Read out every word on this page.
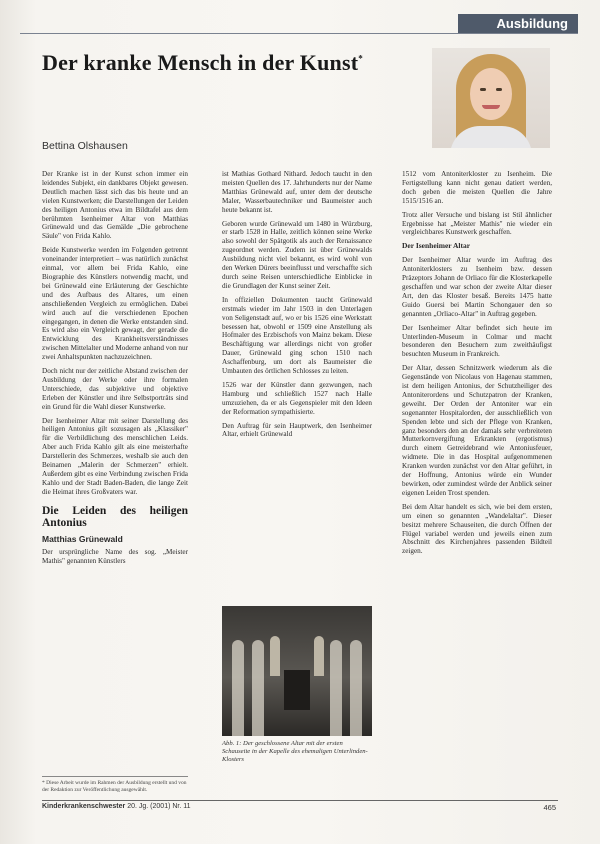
Ausbildung
Der kranke Mensch in der Kunst*
Bettina Olshausen

Der Kranke ist in der Kunst schon immer ein leidendes Subjekt, ein dankbares Objekt gewesen. Deutlich machen lässt sich das bis heute und an vielen Kunstwerken; die Darstellungen der Leiden des heiligen Antonius etwa im Bildtafel aus dem berühmten Isenheimer Altar von Matthias Grünewald und das Gemälde „Die gebrochene Säule" von Frida Kahlo.

Beide Kunstwerke werden im Folgenden getrennt voneinander interpretiert – was natürlich zunächst einmal, vor allem bei Frida Kahlo, eine Biographie des Künstlers notwendig macht, und bei Grünewald eine Erläuterung der Geschichte und des Aufbaus des Altares, um einen anschließenden Vergleich zu ermöglichen. Dabei wird auch auf die verschiedenen Epochen eingegangen, in denen die Werke entstanden sind. Es wird also ein Vergleich gewagt, der gerade die Entwicklung des Krankheitsverständnisses zwischen Mittelalter und Moderne anhand von nur zwei Anhaltspunkten nachzuzeichnen.

Doch nicht nur der zeitliche Abstand zwischen der Ausbildung der Werke oder ihre formalen Unterschiede, das subjektive und objektive Erleben der Künstler und ihre Selbstporträts sind ein Grund für die Wahl dieser Kunstwerke.

Der Isenheimer Altar mit seiner Darstellung des heiligen Antonius gilt sozusagen als „Klassiker" für die Verbildlichung des menschlichen Leids. Aber auch Frida Kahlo gilt als eine meisterhafte Darstellerin des Schmerzes, weshalb sie auch den Beinamen „Malerin der Schmerzen" erhielt. Außerdem gibt es eine Verbindung zwischen Frida Kahlo und der Stadt Baden-Baden, die lange Zeit die Heimat ihres Großvaters war.

Die Leiden des heiligen Antonius
Matthias Grünewald

Der ursprüngliche Name des sog. „Meister Mathis" genannten Künstlers

* Diese Arbeit wurde im Rahmen der Ausbildung erstellt und von der Redaktion zur Veröffentlichung ausgewählt.

ist Mathias Gothard Nithard. Jedoch taucht in den meisten Quellen des 17. Jahrhunderts nur der Name Matthias Grünewald auf, unter dem der deutsche Maler, Wasserbautechniker und Baumeister auch heute bekannt ist.

Geboren wurde Grünewald um 1480 in Würzburg, er starb 1528 in Halle, zeitlich können seine Werke also sowohl der Spätgotik als auch der Renaissance zugeordnet werden. Zudem ist über Grünewalds Ausbildung nicht viel bekannt, es wird wohl von den Werken Dürers beeinflusst und verschaffte sich durch seine Reisen unterschiedliche Einblicke in die Grundlagen der Kunst seiner Zeit.

In offiziellen Dokumenten taucht Grünewald erstmals wieder im Jahr 1503 in den Unterlagen von Seligenstadt auf, wo er bis 1526 eine Werkstatt besessen hat, obwohl er 1509 eine Anstellung als Hofmaler des Erzbischofs von Mainz bekam. Diese Beschäftigung war allerdings nicht von großer Dauer, Grünewald ging schon 1510 nach Aschaffenburg, um dort als Baumeister die Umbauten des örtlichen Schlosses zu leiten.

1526 war der Künstler dann gezwungen, nach Hamburg und schließlich 1527 nach Halle umzuziehen, da er als Gegenspieler mit den Ideen der Reformation sympathisierte.

Den Auftrag für sein Hauptwerk, den Isenheimer Altar, erhielt Grünewald

Abb. 1: Der geschlossene Altar mit der ersten Schauseite in der Kapelle des ehemaligen Unterlinden-Klosters

1512 vom Antoniterkloster zu Isenheim. Die Fertigstellung kann nicht genau datiert werden, doch geben die meisten Quellen die Jahre 1515/1516 an.

Trotz aller Versuche und bislang ist Stil ähnlicher Ergebnisse hat „Meister Mathis" nie wieder ein vergleichbares Kunstwerk geschaffen.

Der Isenheimer Altar

Der Isenheimer Altar wurde im Auftrag des Antoniterklosters zu Isenheim bzw. dessen Präzeptors Johann de Orliaco für die Klosterkapelle geschaffen und war schon der zweite Altar dieser Art, den das Kloster besaß. Bereits 1475 hatte Guido Guersi bei Martin Schongauer den so genannten „Orliaco-Altar" in Auftrag gegeben.

Der Isenheimer Altar befindet sich heute im Unterlinden-Museum in Colmar und macht besonderen den Besuchern zum zweithäufigst besuchten Museum in Frankreich.

Der Altar, dessen Schnitzwerk wiederum als die Gegenstände von Nicolaus von Hagenau stammen, ist dem heiligen Antonius, der Schutzheiliger des Antoniterordens und Schutzpatron der Kranken, geweiht. Der Orden der Antoniter war ein sogenannter Hospitalorden, der ausschließlich von Spenden lebte und sich der Pflege von Kranken, ganz besonders den an der damals sehr verbreiteten Mutterkornvergiftung Erkrankten (ergotismus) durch einem Getreidebrand wie Antoniusfeuer, widmete. Die in das Hospital aufgenommenen Kranken wurden zunächst vor den Altar geführt, in der Hoffnung, Antonius würde ein Wunder bewirken, oder zumindest würde der Anblick seiner eigenen Leiden Trost spenden.

Bei dem Altar handelt es sich, wie bei dem ersten, um einen so genannten „Wandelaltar". Dieser besitzt mehrere Schauseiten, die durch Öffnen der Flügel variabel werden und jeweils einen zum Abschnitt des Kirchenjahres passenden Bildteil zeigen.

Kinderkrankenschwester 20. Jg. (2001) Nr. 11	465
